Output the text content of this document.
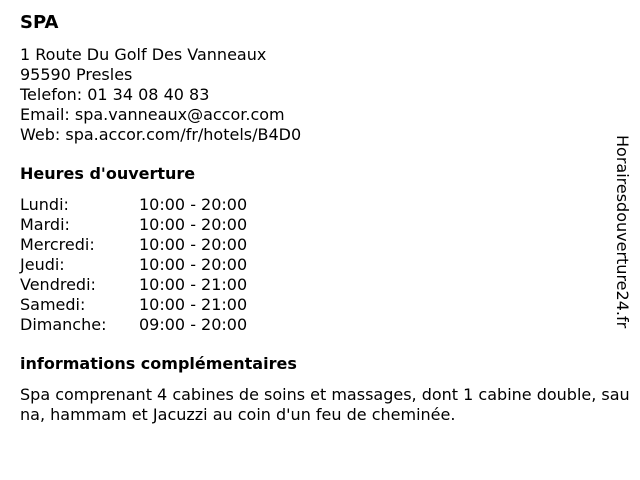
SPA
1 Route Du Golf Des Vanneaux
95590 Presles
Telefon: 01 34 08 40 83
Email: spa.vanneaux@accor.com
Web: spa.accor.com/fr/hotels/B4D0
Heures d'ouverture
Lundi:	10:00 - 20:00
Mardi:	10:00 - 20:00
Mercredi:	10:00 - 20:00
Jeudi:	10:00 - 20:00
Vendredi:	10:00 - 21:00
Samedi:	10:00 - 21:00
Dimanche:	09:00 - 20:00
informations complémentaires
Spa comprenant 4 cabines de soins et massages, dont 1 cabine double, sauna, hammam et Jacuzzi au coin d'un feu de cheminée.
Horairesdouverture24.fr
